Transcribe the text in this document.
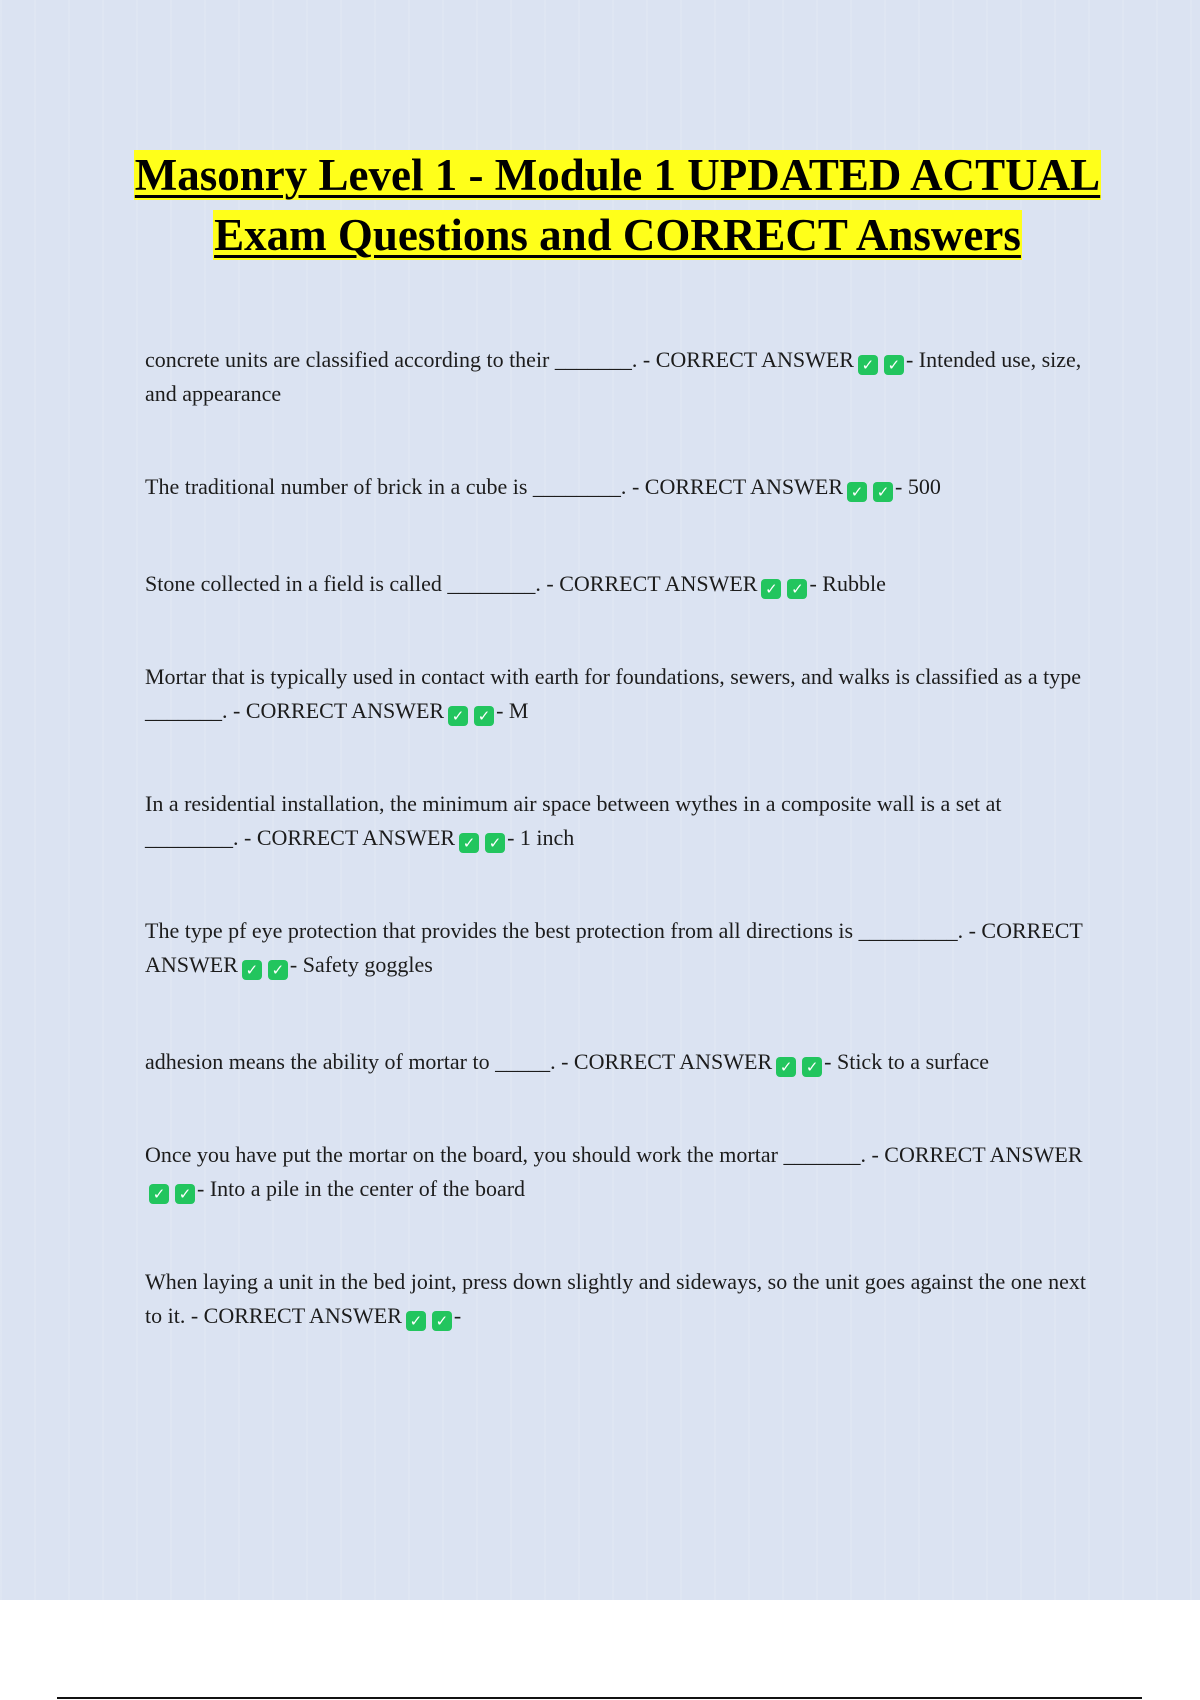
Masonry Level 1 - Module 1 UPDATED ACTUAL Exam Questions and CORRECT Answers

concrete units are classified according to their _______. - CORRECT ANSWER ✓ ✓ - Intended use, size, and appearance

The traditional number of brick in a cube is ________. - CORRECT ANSWER ✓ ✓ - 500

Stone collected in a field is called ________. - CORRECT ANSWER ✓ ✓ - Rubble

Mortar that is typically used in contact with earth for foundations, sewers, and walks is classified as a type _______. - CORRECT ANSWER ✓ ✓ - M

In a residential installation, the minimum air space between wythes in a composite wall is a set at ________. - CORRECT ANSWER ✓ ✓ - 1 inch

The type pf eye protection that provides the best protection from all directions is _________. - CORRECT ANSWER ✓ ✓ - Safety goggles

adhesion means the ability of mortar to _____. - CORRECT ANSWER ✓ ✓ - Stick to a surface

Once you have put the mortar on the board, you should work the mortar _______. - CORRECT ANSWER✓ ✓ - Into a pile in the center of the board

When laying a unit in the bed joint, press down slightly and sideways, so the unit goes against the one next to it. - CORRECT ANSWER ✓ ✓ -
